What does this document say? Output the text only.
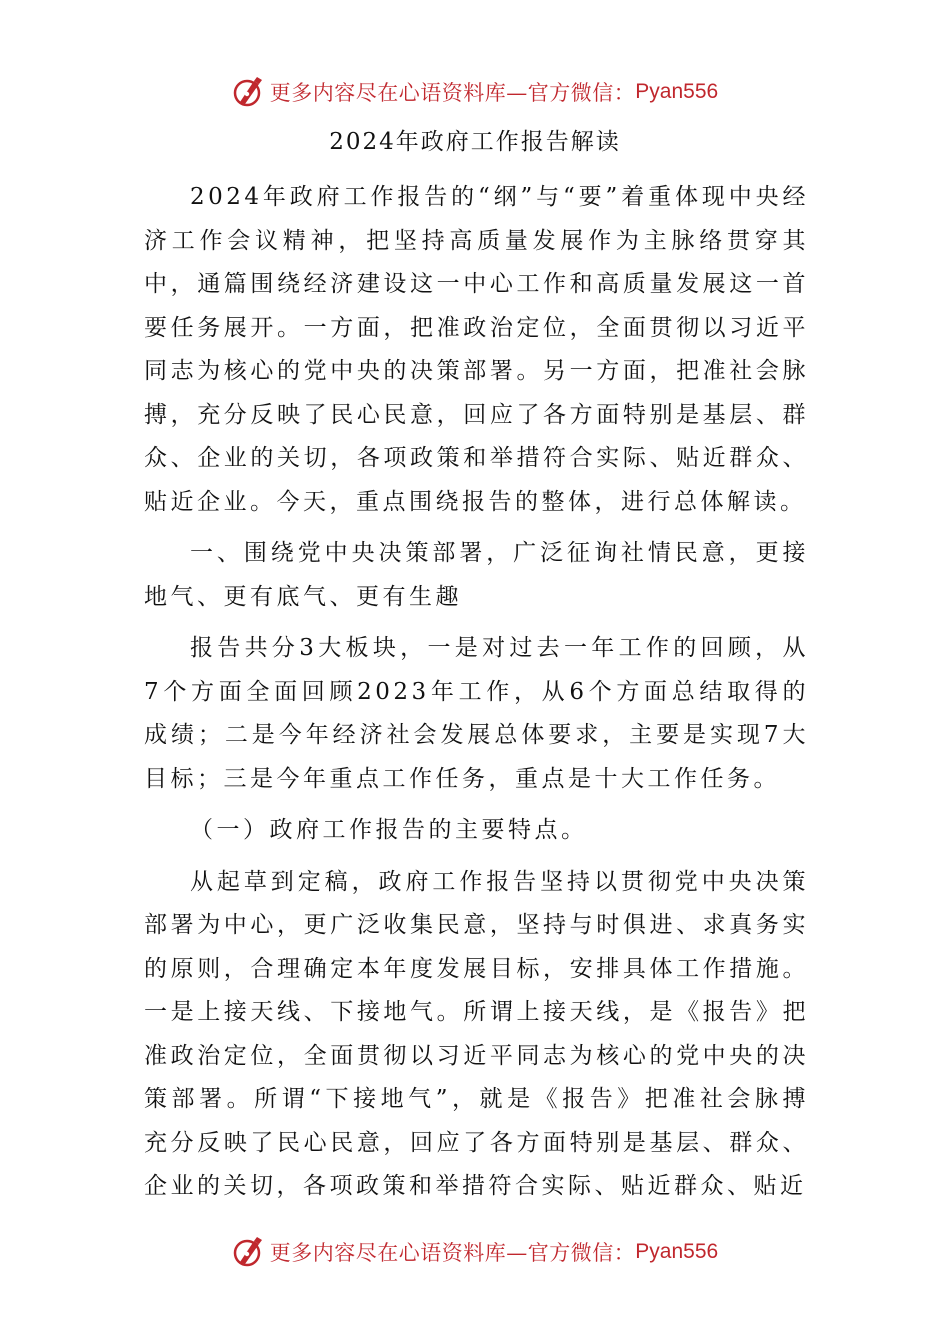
更多内容尽在心语资料库—官方微信： Pyan556
2024年政府工作报告解读

2024年政府工作报告的“纲”与“要”着重体现中央经济工作会议精神，把坚持高质量发展作为主脉络贯穿其中，通篇围绕经济建设这一中心工作和高质量发展这一首要任务展开。一方面，把准政治定位，全面贯彻以习近平同志为核心的党中央的决策部署。另一方面，把准社会脉搏，充分反映了民心民意，回应了各方面特别是基层、群众、企业的关切，各项政策和举措符合实际、贴近群众、贴近企业。今天，重点围绕报告的整体，进行总体解读。

一、围绕党中央决策部署，广泛征询社情民意，更接地气、更有底气、更有生趣

报告共分3大板块，一是对过去一年工作的回顾，从7个方面全面回顾2023年工作，从6个方面总结取得的成绩；二是今年经济社会发展总体要求，主要是实现7大目标；三是今年重点工作任务，重点是十大工作任务。

（一）政府工作报告的主要特点。

从起草到定稿，政府工作报告坚持以贯彻党中央决策部署为中心，更广泛收集民意，坚持与时俱进、求真务实的原则，合理确定本年度发展目标，安排具体工作措施。一是上接天线、下接地气。所谓上接天线，是《报告》把准政治定位，全面贯彻以习近平同志为核心的党中央的决策部署。所谓“下接地气”，就是《报告》把准社会脉搏充分反映了民心民意，回应了各方面特别是基层、群众、企业的关切，各项政策和举措符合实际、贴近群众、贴近

更多内容尽在心语资料库—官方微信： Pyan556
